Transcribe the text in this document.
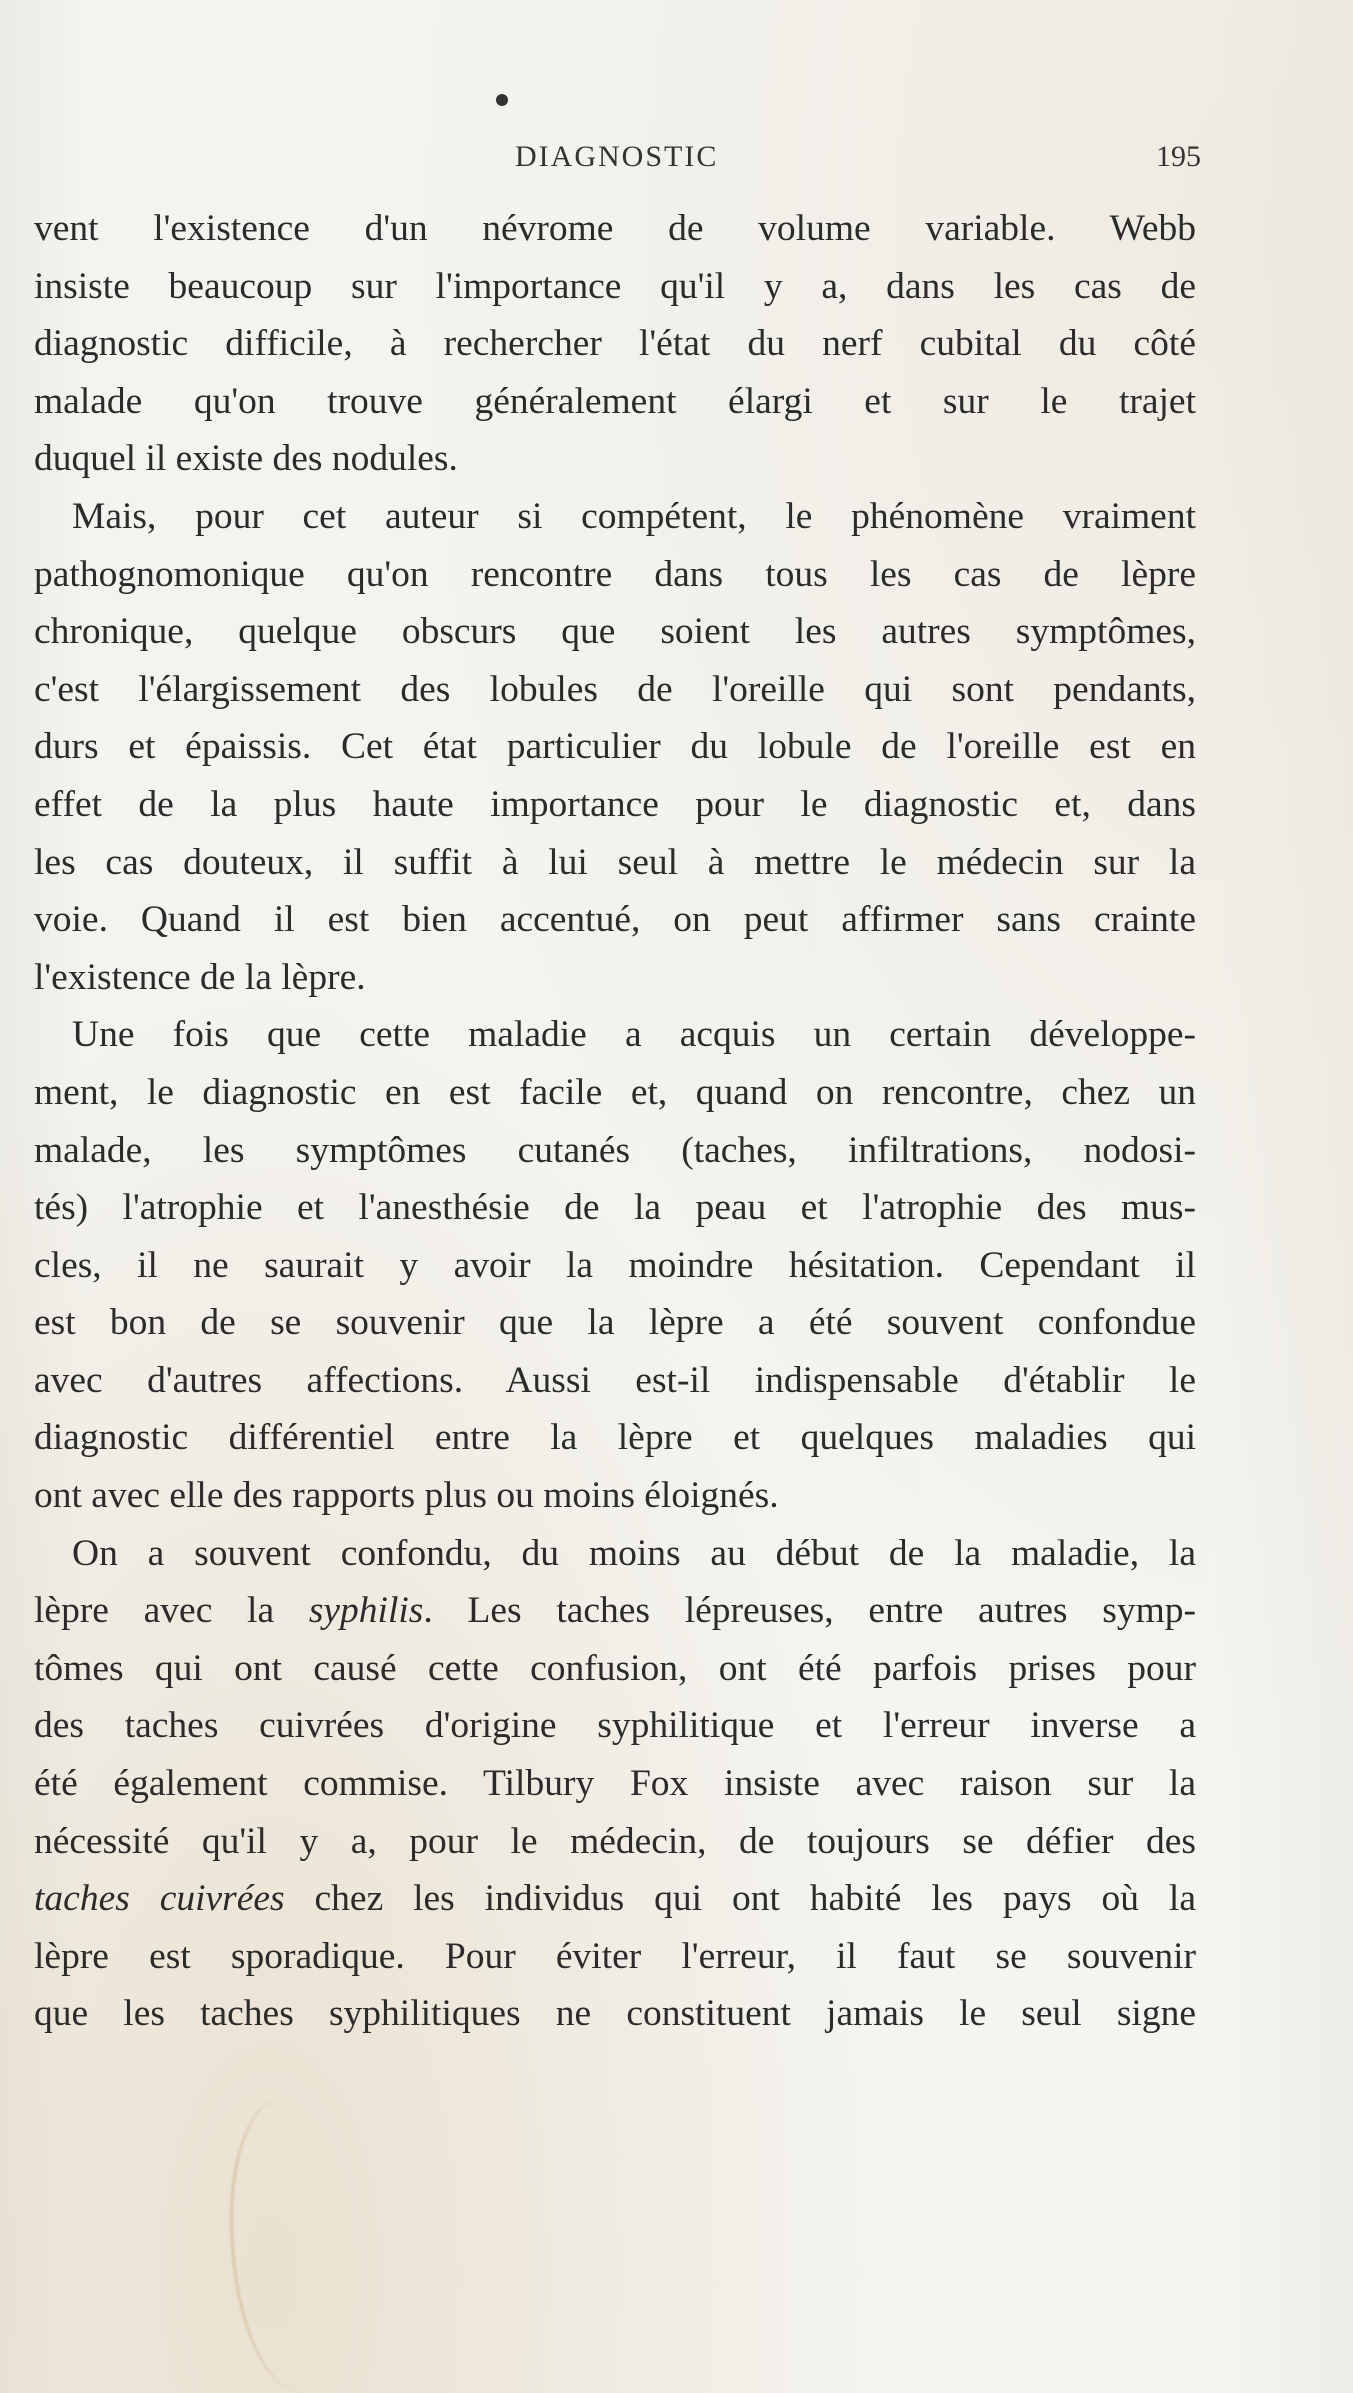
DIAGNOSTIC	195
vent l'existence d'un névrome de volume variable. Webb
insiste beaucoup sur l'importance qu'il y a, dans les cas de
diagnostic difficile, à rechercher l'état du nerf cubital du côté
malade qu'on trouve généralement élargi et sur le trajet
duquel il existe des nodules.
Mais, pour cet auteur si compétent, le phénomène vraiment
pathognomonique qu'on rencontre dans tous les cas de lèpre
chronique, quelque obscurs que soient les autres symptômes,
c'est l'élargissement des lobules de l'oreille qui sont pendants,
durs et épaissis. Cet état particulier du lobule de l'oreille est en
effet de la plus haute importance pour le diagnostic et, dans
les cas douteux, il suffit à lui seul à mettre le médecin sur la
voie. Quand il est bien accentué, on peut affirmer sans crainte
l'existence de la lèpre.
Une fois que cette maladie a acquis un certain développe-
ment, le diagnostic en est facile et, quand on rencontre, chez un
malade, les symptômes cutanés (taches, infiltrations, nodosi-
tés) l'atrophie et l'anesthésie de la peau et l'atrophie des mus-
cles, il ne saurait y avoir la moindre hésitation. Cependant il
est bon de se souvenir que la lèpre a été souvent confondue
avec d'autres affections. Aussi est-il indispensable d'établir le
diagnostic différentiel entre la lèpre et quelques maladies qui
ont avec elle des rapports plus ou moins éloignés.
On a souvent confondu, du moins au début de la maladie, la
lèpre avec la syphilis. Les taches lépreuses, entre autres symp-
tômes qui ont causé cette confusion, ont été parfois prises pour
des taches cuivrées d'origine syphilitique et l'erreur inverse a
été également commise. Tilbury Fox insiste avec raison sur la
nécessité qu'il y a, pour le médecin, de toujours se défier des
taches cuivrées chez les individus qui ont habité les pays où la
lèpre est sporadique. Pour éviter l'erreur, il faut se souvenir
que les taches syphilitiques ne constituent jamais le seul signe
